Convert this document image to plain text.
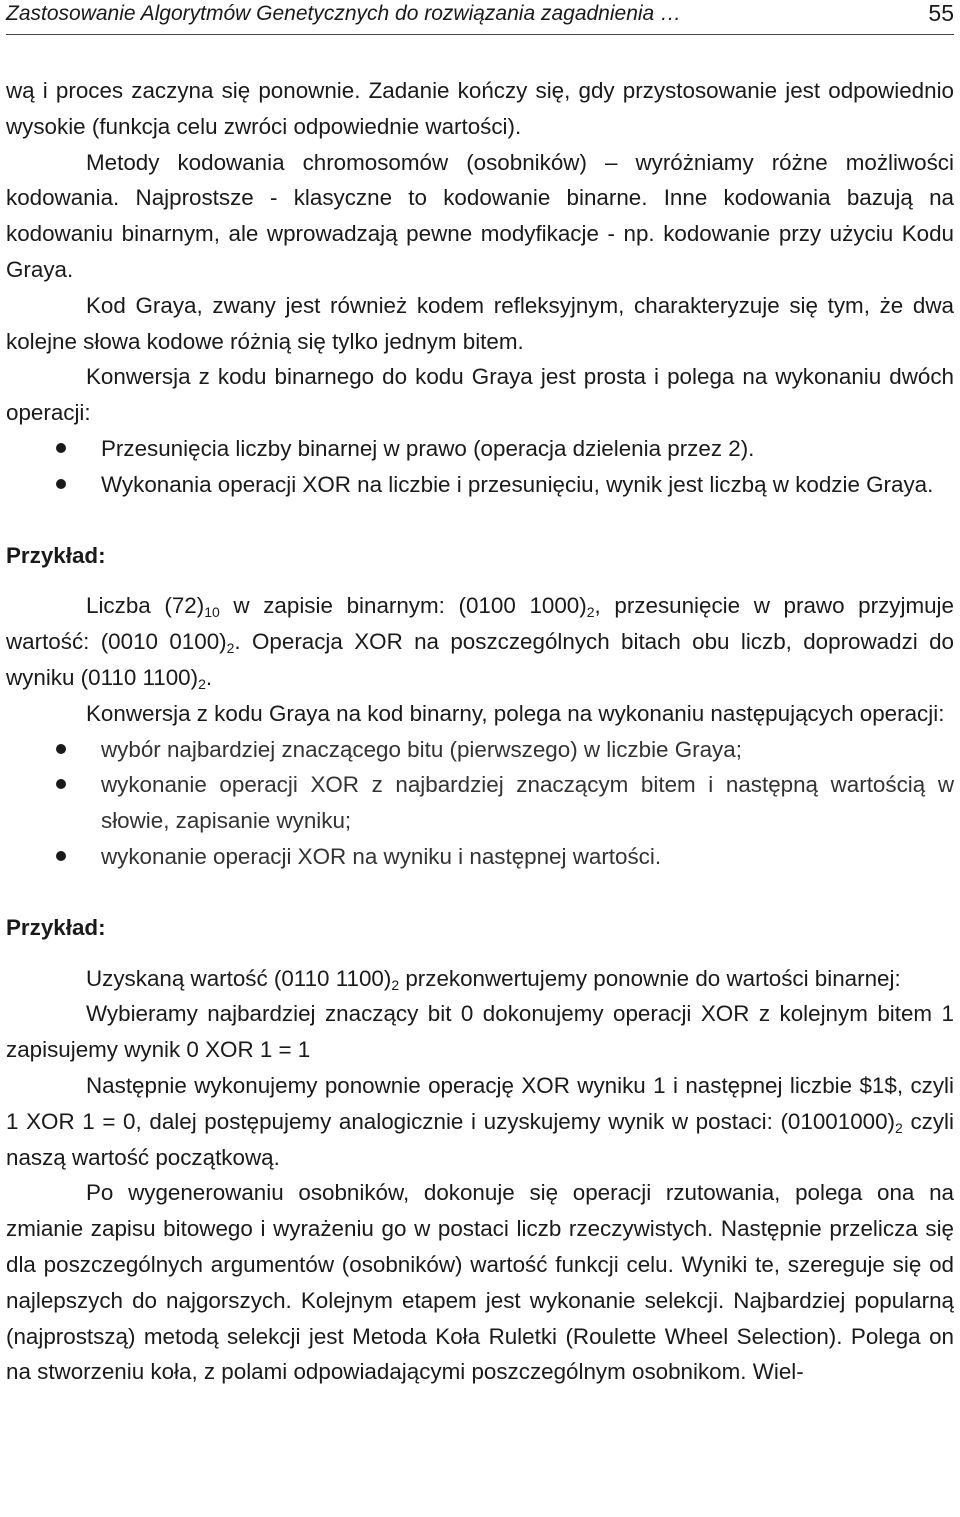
Zastosowanie Algorytmów Genetycznych do rozwiązania zagadnienia …	55

wą i proces zaczyna się ponownie. Zadanie kończy się, gdy przystosowanie jest odpowiednio wysokie (funkcja celu zwróci odpowiednie wartości).

Metody kodowania chromosomów (osobników) – wyróżniamy różne możliwości kodowania. Najprostsze - klasyczne to kodowanie binarne. Inne kodowania bazują na kodowaniu binarnym, ale wprowadzają pewne modyfikacje - np. kodowanie przy użyciu Kodu Graya.

Kod Graya, zwany jest również kodem refleksyjnym, charakteryzuje się tym, że dwa kolejne słowa kodowe różnią się tylko jednym bitem.

Konwersja z kodu binarnego do kodu Graya jest prosta i polega na wykonaniu dwóch operacji:

Przesunięcia liczby binarnej w prawo (operacja dzielenia przez 2).
Wykonania operacji XOR na liczbie i przesunięciu, wynik jest liczbą w kodzie Graya.

Przykład:

Liczba $(72)_{10}$ w zapisie binarnym: (0100 $1000)_2$, przesunięcie w prawo przyjmuje wartość: (0010 $0100)_2$. Operacja XOR na poszczególnych bitach obu liczb, doprowadzi do wyniku (0110 $1100)_2$.

Konwersja z kodu Graya na kod binarny, polega na wykonaniu następujących operacji:

wybór najbardziej znaczącego bitu (pierwszego) w liczbie Graya;
wykonanie operacji XOR z najbardziej znaczącym bitem i następną wartością w słowie, zapisanie wyniku;
wykonanie operacji XOR na wyniku i następnej wartości.

Przykład:

Uzyskaną wartość (0110 $1100)_2$ przekonwertujemy ponownie do wartości binarnej:

Wybieramy najbardziej znaczący bit 0 dokonujemy operacji XOR z kolejnym bitem 1 zapisujemy wynik 0 XOR 1 = 1

Następnie wykonujemy ponownie operację XOR wyniku 1 i następnej liczbie $1$, czyli 1 XOR 1 = 0, dalej postępujemy analogicznie i uzyskujemy wynik w postaci: $(01001000)_2$ czyli naszą wartość początkową.

Po wygenerowaniu osobników, dokonuje się operacji rzutowania, polega ona na zmianie zapisu bitowego i wyrażeniu go w postaci liczb rzeczywistych. Następnie przelicza się dla poszczególnych argumentów (osobników) wartość funkcji celu. Wyniki te, szereguje się od najlepszych do najgorszych. Kolejnym etapem jest wykonanie selekcji. Najbardziej popularną (najprostszą) metodą selekcji jest Metoda Koła Ruletki (Roulette Wheel Selection). Polega on na stworzeniu koła, z polami odpowiadającymi poszczególnym osobnikom. Wiel-
